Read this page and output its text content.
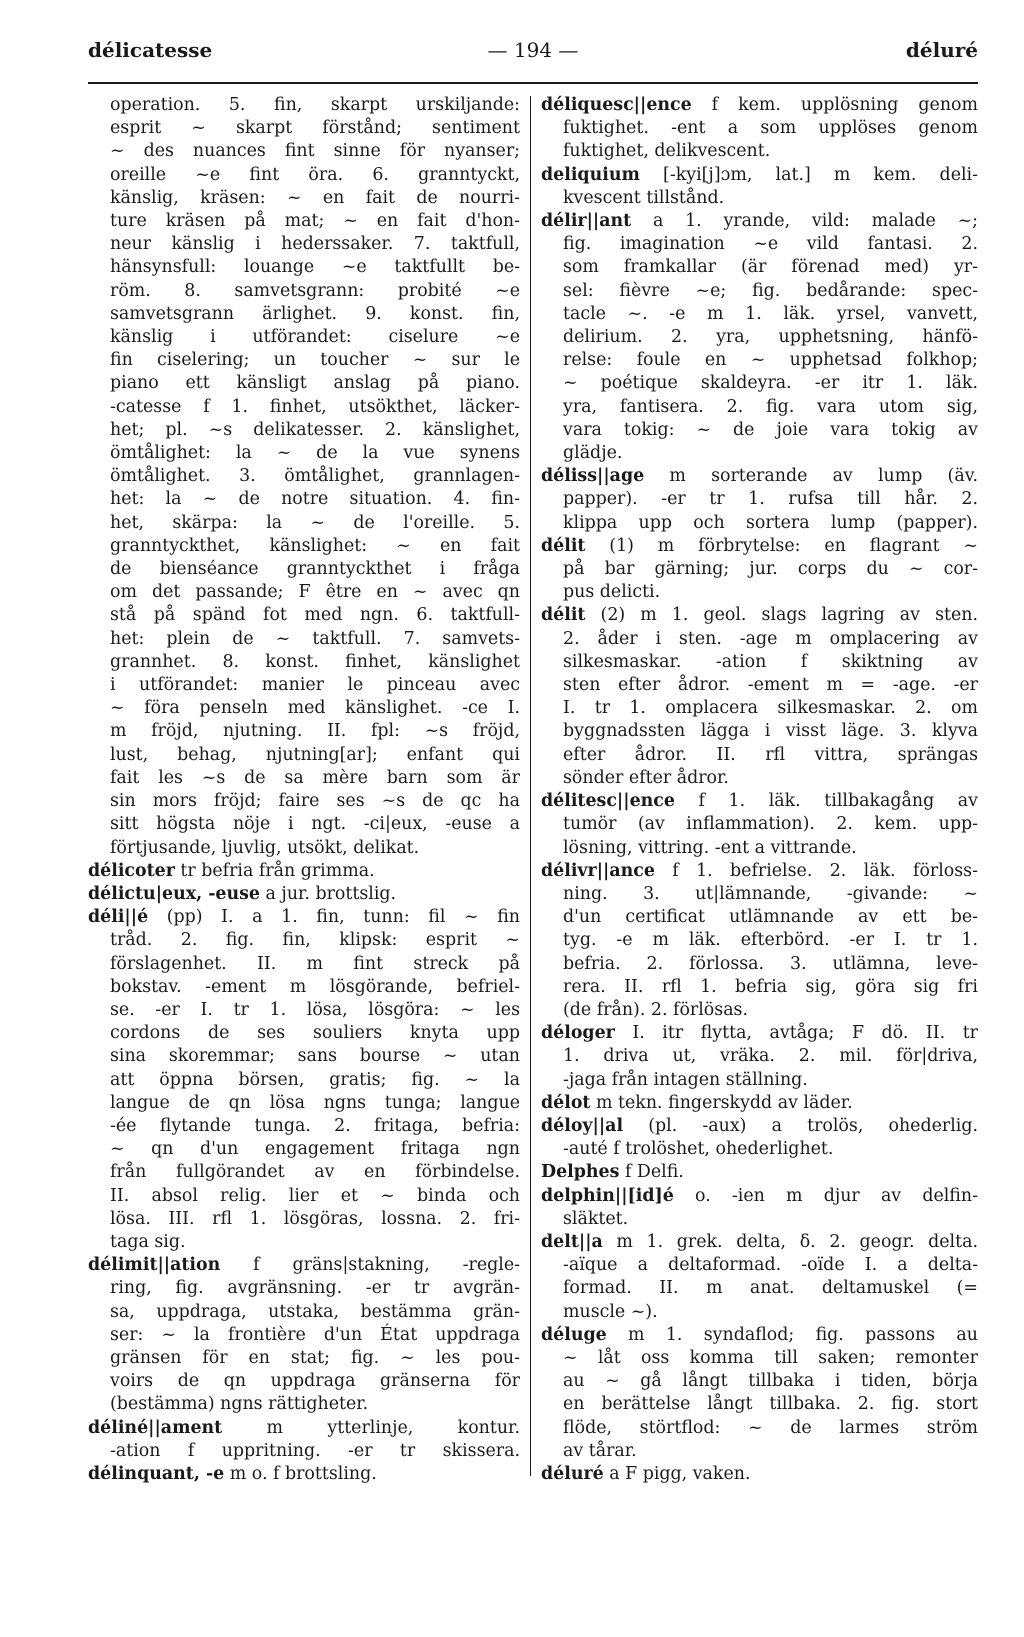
délicatesse	— 194 —	déluré
operation. 5. fin, skarpt urskiljande:
esprit ~ skarpt förstånd; sentiment
~ des nuances fint sinne för nyanser;
oreille ~e fint öra. 6. granntyckt,
känslig, kräsen: ~ en fait de nourri-
ture kräsen på mat; ~ en fait d'hon-
neur känslig i hederssaker. 7. taktfull,
hänsynsfull: louange ~e taktfullt be-
röm. 8. samvetsgrann: probité ~e
samvetsgrann ärlighet. 9. konst. fin,
känslig i utförandet: ciselure ~e
fin ciselering; un toucher ~ sur le
piano ett känsligt anslag på piano.
-catesse f 1. finhet, utsökthet, läcker-
het; pl. ~s delikatesser. 2. känslighet,
ömtålighet: la ~ de la vue synens
ömtålighet. 3. ömtålighet, grannlagen-
het: la ~ de notre situation. 4. fin-
het, skärpa: la ~ de l'oreille. 5.
granntyckthet, känslighet: ~ en fait
de bienséance granntyckthet i fråga
om det passande; F être en ~ avec qn
stå på spänd fot med ngn. 6. taktfull-
het: plein de ~ taktfull. 7. samvets-
grannhet. 8. konst. finhet, känslighet
i utförandet: manier le pinceau avec
~ föra penseln med känslighet. -ce I.
m fröjd, njutning. II. fpl: ~s fröjd,
lust, behag, njutning[ar]; enfant qui
fait les ~s de sa mère barn som är
sin mors fröjd; faire ses ~s de qc ha
sitt högsta nöje i ngt. -ci|eux, -euse a
förtjusande, ljuvlig, utsökt, delikat.
délicoter tr befria från grimma.
délictu|eux, -euse a jur. brottslig.
déli||é (pp) I. a 1. fin, tunn: fil ~ fin
tråd. 2. fig. fin, klipsk: esprit ~
förslagenhet. II. m fint streck på
bokstav. -ement m lösgörande, befriel-
se. -er I. tr 1. lösa, lösgöra: ~ les
cordons de ses souliers knyta upp
sina skoremmar; sans bourse ~ utan
att öppna börsen, gratis; fig. ~ la
langue de qn lösa ngns tunga; langue
-ée flytande tunga. 2. fritaga, befria:
~ qn d'un engagement fritaga ngn
från fullgörandet av en förbindelse.
II. absol relig. lier et ~ binda och
lösa. III. rfl 1. lösgöras, lossna. 2. fri-
taga sig.
délimit||ation f gräns|stakning, -regle-
ring, fig. avgränsning. -er tr avgrän-
sa, uppdraga, utstaka, bestämma grän-
ser: ~ la frontière d'un État uppdraga
gränsen för en stat; fig. ~ les pou-
voirs de qn uppdraga gränserna för
(bestämma) ngns rättigheter.
déliné||ament m ytterlinje, kontur.
-ation f uppritning. -er tr skissera.
délinquant, -e m o. f brottsling.
déliquesc||ence f kem. upplösning genom
fuktighet. -ent a som upplöses genom
fuktighet, delikvescent.
deliquium [-kyi[j]ɔm, lat.] m kem. deli-
kvescent tillstånd.
délir||ant a 1. yrande, vild: malade ~;
fig. imagination ~e vild fantasi. 2.
som framkallar (är förenad med) yr-
sel: fièvre ~e; fig. bedårande: spec-
tacle ~. -e m 1. läk. yrsel, vanvett,
delirium. 2. yra, upphetsning, hänfö-
relse: foule en ~ upphetsad folkhop;
~ poétique skaldeyra. -er itr 1. läk.
yra, fantisera. 2. fig. vara utom sig,
vara tokig: ~ de joie vara tokig av
glädje.
déliss||age m sorterande av lump (äv.
papper). -er tr 1. rufsa till hår. 2.
klippa upp och sortera lump (papper).
délit (1) m förbrytelse: en flagrant ~
på bar gärning; jur. corps du ~ cor-
pus delicti.
délit (2) m 1. geol. slags lagring av sten.
2. åder i sten. -age m omplacering av
silkesmaskar. -ation f skiktning av
sten efter ådror. -ement m = -age. -er
I. tr 1. omplacera silkesmaskar. 2. om
byggnadssten lägga i visst läge. 3. klyva
efter ådror. II. rfl vittra, sprängas
sönder efter ådror.
délitesc||ence f 1. läk. tillbakagång av
tumör (av inflammation). 2. kem. upp-
lösning, vittring. -ent a vittrande.
délivr||ance f 1. befrielse. 2. läk. förloss-
ning. 3. ut|lämnande, -givande: ~
d'un certificat utlämnande av ett be-
tyg. -e m läk. efterbörd. -er I. tr 1.
befria. 2. förlossa. 3. utlämna, leve-
rera. II. rfl 1. befria sig, göra sig fri
(de från). 2. förlösas.
déloger I. itr flytta, avtåga; F dö. II. tr
1. driva ut, vräka. 2. mil. för|driva,
-jaga från intagen ställning.
délot m tekn. fingerskydd av läder.
délоy||al (pl. -aux) a trolös, ohederlig.
-auté f trolöshet, ohederlighet.
Delphes f Delfi.
delphin||[id]é o. -ien m djur av delfin-
släktet.
delt||a m 1. grek. delta, δ. 2. geogr. delta.
-aïque a deltaformad. -oïde I. a delta-
formad. II. m anat. deltamuskel (=
muscle ~).
déluge m 1. syndaflod; fig. passons au
~ låt oss komma till saken; remonter
au ~ gå långt tillbaka i tiden, börja
en berättelse långt tillbaka. 2. fig. stort
flöde, störtflod: ~ de larmes ström
av tårar.
déluré a F pigg, vaken.
